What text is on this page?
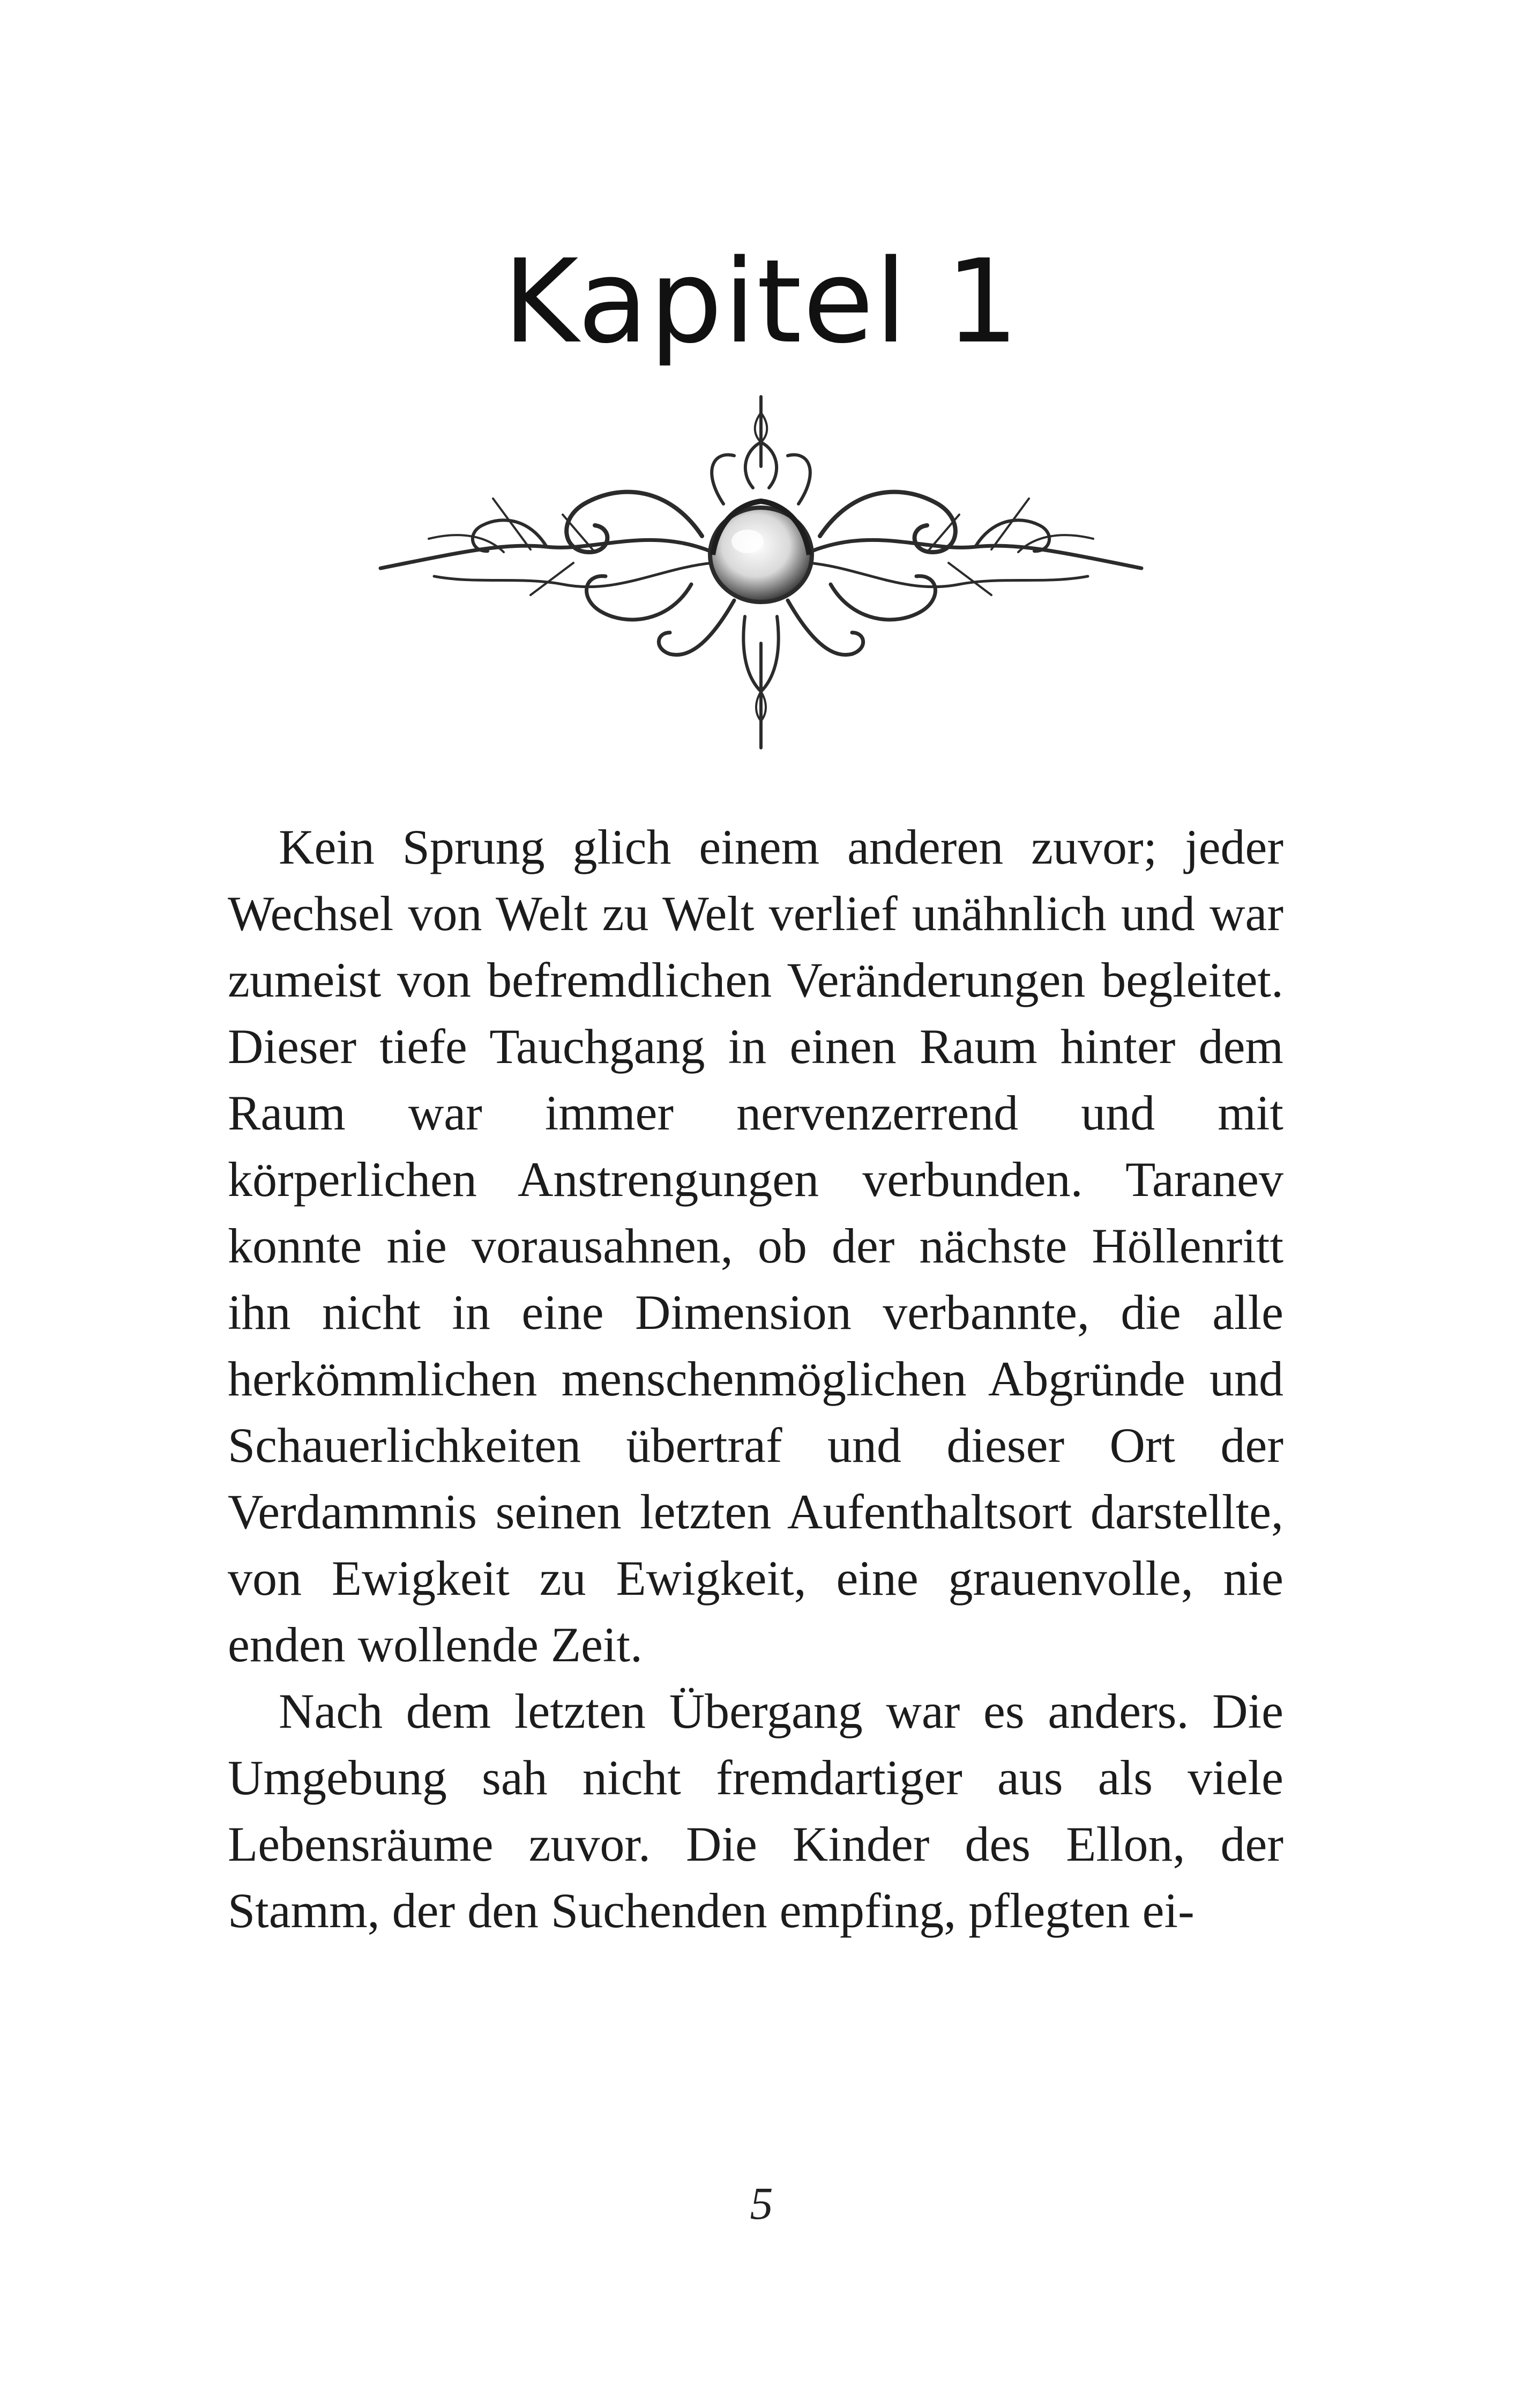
Kapitel 1

Kein Sprung glich einem anderen zuvor; jeder Wechsel von Welt zu Welt verlief unähnlich und war zumeist von befremdlichen Veränderungen begleitet. Dieser tiefe Tauchgang in einen Raum hinter dem Raum war immer nervenzerrend und mit körperlichen Anstrengungen verbunden. Taranev konnte nie vorausahnen, ob der nächste Höllenritt ihn nicht in eine Dimension verbannte, die alle herkömmlichen menschenmöglichen Abgründe und Schauerlichkeiten übertraf und dieser Ort der Verdammnis seinen letzten Aufenthaltsort darstellte, von Ewigkeit zu Ewigkeit, eine grauenvolle, nie enden wollende Zeit.

Nach dem letzten Übergang war es anders. Die Umgebung sah nicht fremdartiger aus als viele Lebensräume zuvor. Die Kinder des Ellon, der Stamm, der den Suchenden empfing, pflegten ei-

5
